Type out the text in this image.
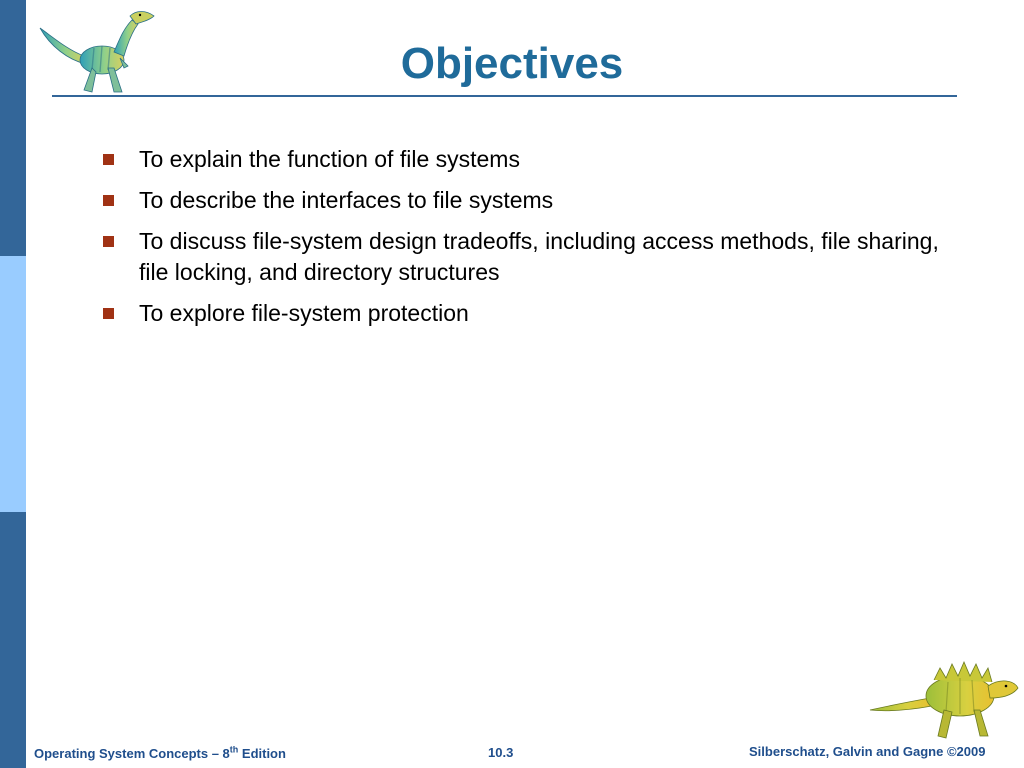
Objectives
To explain the function of file systems
To describe the interfaces to file systems
To discuss file-system design tradeoffs, including access methods, file sharing, file locking, and directory structures
To explore file-system protection
Operating System Concepts – 8th Edition	10.3	Silberschatz, Galvin and Gagne ©2009
